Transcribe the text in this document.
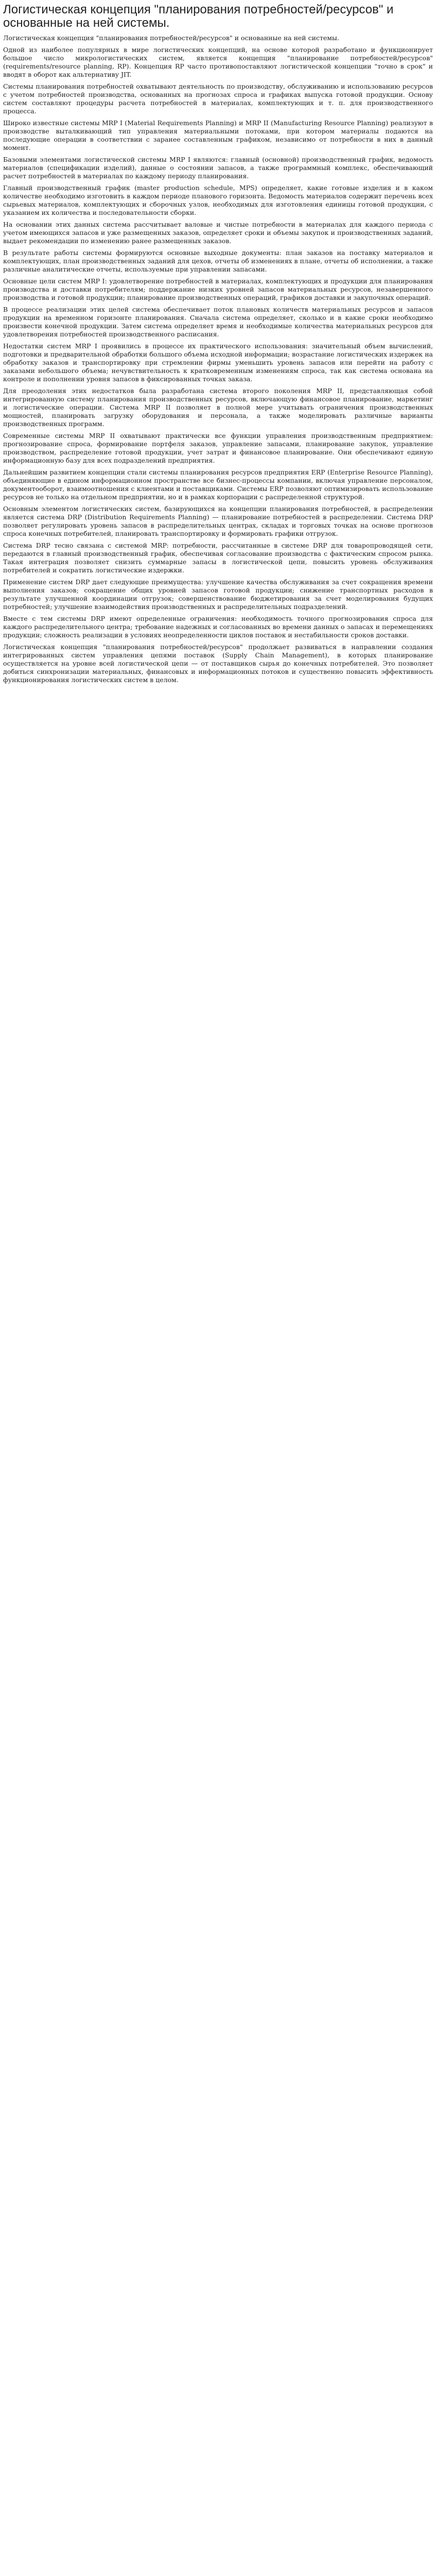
Логистическая концепция "планирования потребностей/ресурсов" и основанные на ней системы.

Логистическая концепция "планирования потребностей/ресурсов" и основанные на ней системы.

Одной из наиболее популярных в мире логистических концепций, на основе которой разработано и функционирует большое число микрологистических систем, является концепция "планирование потребностей/ресурсов" (requirements/resource planning, RP). Концепция RP часто противопоставляют логистической концепции "точно в срок" и вводят в оборот как альтернативу JIT.

Системы планирования потребностей охватывают деятельность по производству, обслуживанию и использованию ресурсов с учетом потребностей производства, основанных на прогнозах спроса и графиках выпуска готовой продукции. Основу систем составляют процедуры расчета потребностей в материалах, комплектующих и т. п. для производственного процесса.

Широко известные системы MRP I (Material Requirements Planning) и MRP II (Manufacturing Resource Planning) реализуют в производстве выталкивающий тип управления материальными потоками, при котором материалы подаются на последующие операции в соответствии с заранее составленным графиком, независимо от потребности в них в данный момент.

Базовыми элементами логистической системы MRP I являются: главный (основной) производственный график, ведомость материалов (спецификации изделий), данные о состоянии запасов, а также программный комплекс, обеспечивающий расчет потребностей в материалах по каждому периоду планирования.

Главный производственный график (master production schedule, MPS) определяет, какие готовые изделия и в каком количестве необходимо изготовить в каждом периоде планового горизонта. Ведомость материалов содержит перечень всех сырьевых материалов, комплектующих и сборочных узлов, необходимых для изготовления единицы готовой продукции, с указанием их количества и последовательности сборки.

На основании этих данных система рассчитывает валовые и чистые потребности в материалах для каждого периода с учетом имеющихся запасов и уже размещенных заказов, определяет сроки и объемы закупок и производственных заданий, выдает рекомендации по изменению ранее размещенных заказов.

В результате работы системы формируются основные выходные документы: план заказов на поставку материалов и комплектующих, план производственных заданий для цехов, отчеты об изменениях в плане, отчеты об исполнении, а также различные аналитические отчеты, используемые при управлении запасами.

Основные цели систем MRP I: удовлетворение потребностей в материалах, комплектующих и продукции для планирования производства и доставки потребителям; поддержание низких уровней запасов материальных ресурсов, незавершенного производства и готовой продукции; планирование производственных операций, графиков доставки и закупочных операций.

В процессе реализации этих целей система обеспечивает поток плановых количеств материальных ресурсов и запасов продукции на временном горизонте планирования. Сначала система определяет, сколько и в какие сроки необходимо произвести конечной продукции. Затем система определяет время и необходимые количества материальных ресурсов для удовлетворения потребностей производственного расписания.

Недостатки систем MRP I проявились в процессе их практического использования: значительный объем вычислений, подготовки и предварительной обработки большого объема исходной информации; возрастание логистических издержек на обработку заказов и транспортировку при стремлении фирмы уменьшить уровень запасов или перейти на работу с заказами небольшого объема; нечувствительность к кратковременным изменениям спроса, так как система основана на контроле и пополнении уровня запасов в фиксированных точках заказа.

Для преодоления этих недостатков была разработана система второго поколения MRP II, представляющая собой интегрированную систему планирования производственных ресурсов, включающую финансовое планирование, маркетинг и логистические операции. Система MRP II позволяет в полной мере учитывать ограничения производственных мощностей, планировать загрузку оборудования и персонала, а также моделировать различные варианты производственных программ.

Современные системы MRP II охватывают практически все функции управления производственным предприятием: прогнозирование спроса, формирование портфеля заказов, управление запасами, планирование закупок, управление производством, распределение готовой продукции, учет затрат и финансовое планирование. Они обеспечивают единую информационную базу для всех подразделений предприятия.

Дальнейшим развитием концепции стали системы планирования ресурсов предприятия ERP (Enterprise Resource Planning), объединяющие в едином информационном пространстве все бизнес-процессы компании, включая управление персоналом, документооборот, взаимоотношения с клиентами и поставщиками. Системы ERP позволяют оптимизировать использование ресурсов не только на отдельном предприятии, но и в рамках корпорации с распределенной структурой.

Основным элементом логистических систем, базирующихся на концепции планирования потребностей, в распределении является система DRP (Distribution Requirements Planning) — планирование потребностей в распределении. Система DRP позволяет регулировать уровень запасов в распределительных центрах, складах и торговых точках на основе прогнозов спроса конечных потребителей, планировать транспортировку и формировать графики отгрузок.

Система DRP тесно связана с системой MRP: потребности, рассчитанные в системе DRP для товаропроводящей сети, передаются в главный производственный график, обеспечивая согласование производства с фактическим спросом рынка. Такая интеграция позволяет снизить суммарные запасы в логистической цепи, повысить уровень обслуживания потребителей и сократить логистические издержки.

Применение систем DRP дает следующие преимущества: улучшение качества обслуживания за счет сокращения времени выполнения заказов; сокращение общих уровней запасов готовой продукции; снижение транспортных расходов в результате улучшенной координации отгрузок; совершенствование бюджетирования за счет моделирования будущих потребностей; улучшение взаимодействия производственных и распределительных подразделений.

Вместе с тем системы DRP имеют определенные ограничения: необходимость точного прогнозирования спроса для каждого распределительного центра; требование надежных и согласованных во времени данных о запасах и перемещениях продукции; сложность реализации в условиях неопределенности циклов поставок и нестабильности сроков доставки.

Логистическая концепция "планирования потребностей/ресурсов" продолжает развиваться в направлении создания интегрированных систем управления цепями поставок (Supply Chain Management), в которых планирование осуществляется на уровне всей логистической цепи — от поставщиков сырья до конечных потребителей. Это позволяет добиться синхронизации материальных, финансовых и информационных потоков и существенно повысить эффективность функционирования логистических систем в целом.
